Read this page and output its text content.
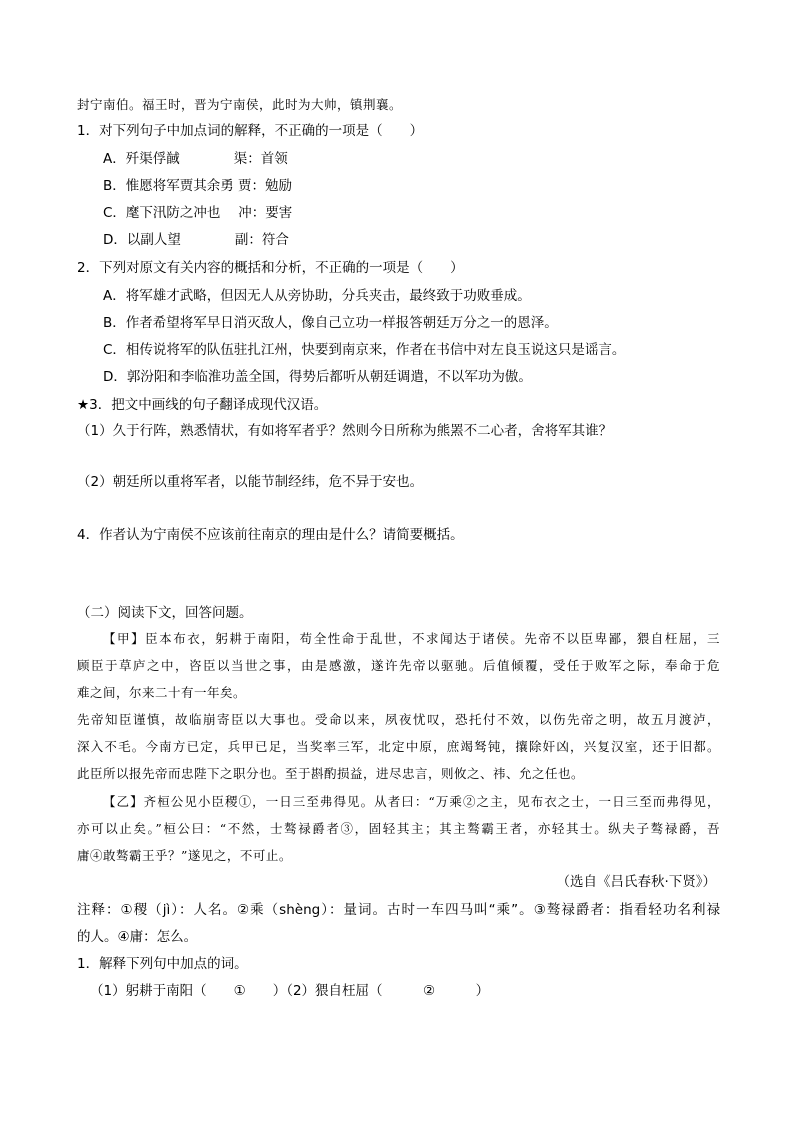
封宁南伯。福王时，晋为宁南侯，此时为大帅，镇荆襄。
1．对下列句子中加点词的解释，不正确的一项是（　　）
A．歼渠俘馘　　　　渠：首领
B．惟愿将军贾其余勇 贾：勉励
C．麾下汛防之冲也　 冲：要害
D．以副人望　　　　副：符合
2．下列对原文有关内容的概括和分析，不正确的一项是（　　）
A．将军雄才武略，但因无人从旁协助，分兵夹击，最终致于功败垂成。
B．作者希望将军早日消灭敌人，像自己立功一样报答朝廷万分之一的恩泽。
C．相传说将军的队伍驻扎江州，快要到南京来，作者在书信中对左良玉说这只是谣言。
D．郭汾阳和李临淮功盖全国，得势后都听从朝廷调遣，不以军功为傲。
★3．把文中画线的句子翻译成现代汉语。
（1）久于行阵，熟悉情状，有如将军者乎？然则今日所称为熊罴不二心者，舍将军其谁？
（2）朝廷所以重将军者，以能节制经纬，危不异于安也。
4．作者认为宁南侯不应该前往南京的理由是什么？请简要概括。
（二）阅读下文，回答问题。
【甲】臣本布衣，躬耕于南阳，苟全性命于乱世，不求闻达于诸侯。先帝不以臣卑鄙，猥自枉屈，三
顾臣于草庐之中，咨臣以当世之事，由是感激，遂许先帝以驱驰。后值倾覆，受任于败军之际，奉命于危
难之间，尔来二十有一年矣。
先帝知臣谨慎，故临崩寄臣以大事也。受命以来，夙夜忧叹，恐托付不效，以伤先帝之明，故五月渡泸，
深入不毛。今南方已定，兵甲已足，当奖率三军，北定中原，庶竭驽钝，攘除奸凶，兴复汉室，还于旧都。
此臣所以报先帝而忠陛下之职分也。至于斟酌损益，进尽忠言，则攸之、祎、允之任也。
【乙】齐桓公见小臣稷①，一日三至弗得见。从者曰：“万乘②之主，见布衣之士，一日三至而弗得见，
亦可以止矣。”桓公曰：“不然，士骜禄爵者③，固轻其主；其主骜霸王者，亦轻其士。纵夫子骜禄爵，吾
庸④敢骜霸王乎？”遂见之，不可止。
（选自《吕氏春秋·下贤》）
注释：①稷（jì）：人名。②乘（shèng）：量词。古时一车四马叫“乘”。③骜禄爵者：指看轻功名利禄
的人。④庸：怎么。
1．解释下列句中加点的词。
（1）躬耕于南阳（　　①　　）（2）猥自枉屈（　　　②　　　）
